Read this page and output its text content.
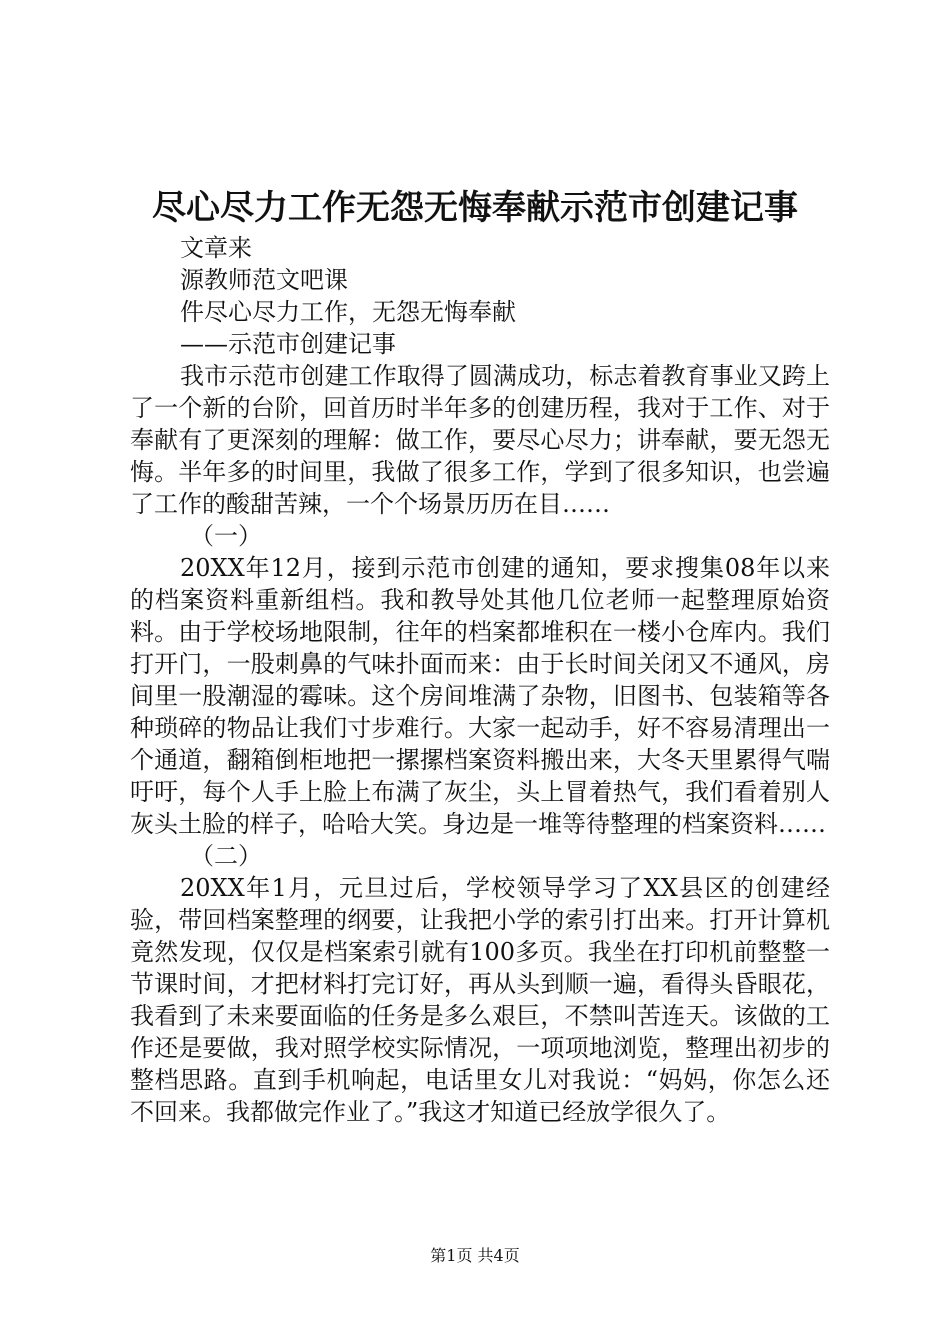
尽心尽力工作无怨无悔奉献示范市创建记事
文章来
源教师范文吧课
件尽心尽力工作，无怨无悔奉献
——示范市创建记事
我市示范市创建工作取得了圆满成功，标志着教育事业又跨上了一个新的台阶，回首历时半年多的创建历程，我对于工作、对于奉献有了更深刻的理解：做工作，要尽心尽力；讲奉献，要无怨无悔。半年多的时间里，我做了很多工作，学到了很多知识，也尝遍了工作的酸甜苦辣，一个个场景历历在目……
（一）
20XX年12月，接到示范市创建的通知，要求搜集08年以来的档案资料重新组档。我和教导处其他几位老师一起整理原始资料。由于学校场地限制，往年的档案都堆积在一楼小仓库内。我们打开门，一股刺鼻的气味扑面而来：由于长时间关闭又不通风，房间里一股潮湿的霉味。这个房间堆满了杂物，旧图书、包装箱等各种琐碎的物品让我们寸步难行。大家一起动手，好不容易清理出一个通道，翻箱倒柜地把一摞摞档案资料搬出来，大冬天里累得气喘吁吁，每个人手上脸上布满了灰尘，头上冒着热气，我们看着别人灰头土脸的样子，哈哈大笑。身边是一堆等待整理的档案资料……
（二）
20XX年1月，元旦过后，学校领导学习了XX县区的创建经验，带回档案整理的纲要，让我把小学的索引打出来。打开计算机竟然发现，仅仅是档案索引就有100多页。我坐在打印机前整整一节课时间，才把材料打完订好，再从头到顺一遍，看得头昏眼花，我看到了未来要面临的任务是多么艰巨，不禁叫苦连天。该做的工作还是要做，我对照学校实际情况，一项项地浏览，整理出初步的整档思路。直到手机响起，电话里女儿对我说：“妈妈，你怎么还不回来。我都做完作业了。”我这才知道已经放学很久了。
第1页 共4页
